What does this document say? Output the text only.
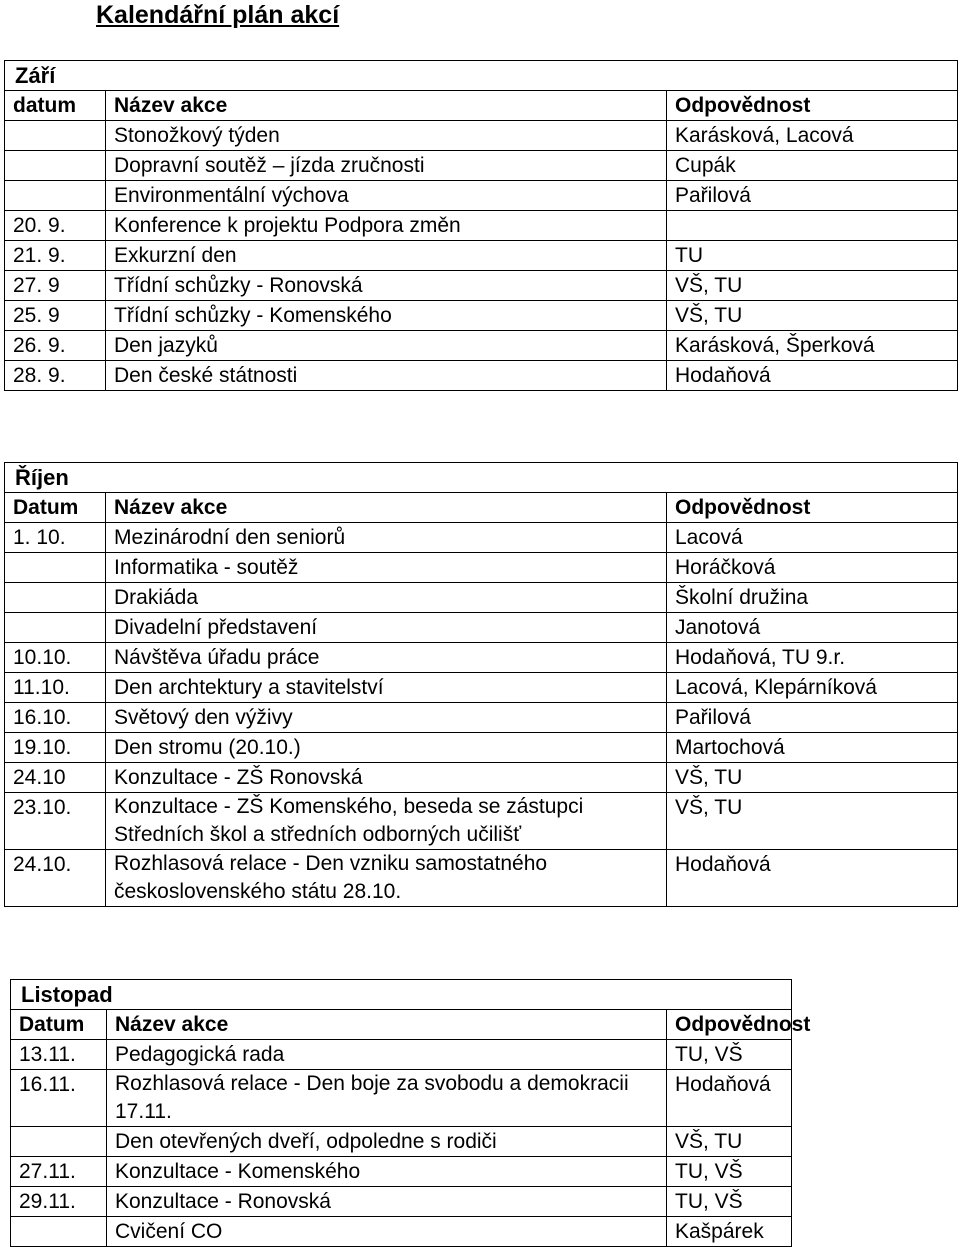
Kalendářní plán akcí
Září		
datum	Název akce	Odpovědnost
	Stonožkový týden	Karásková, Lacová
	Dopravní soutěž – jízda zručnosti	Cupák
	Environmentální výchova	Pařilová
20. 9.	Konference k projektu Podpora změn	
21. 9.	Exkurzní den	TU
27. 9	Třídní schůzky - Ronovská	VŠ, TU
25. 9	Třídní schůzky - Komenského	VŠ, TU
26. 9.	Den jazyků	Karásková, Šperková
28. 9.	Den české státnosti	Hodaňová
Říjen		
Datum	Název akce	Odpovědnost
1. 10.	Mezinárodní den seniorů	Lacová
	Informatika - soutěž	Horáčková
	Drakiáda	Školní družina
	Divadelní představení	Janotová
10.10.	Návštěva úřadu práce	Hodaňová, TU 9.r.
11.10.	Den archtektury a stavitelství	Lacová, Klepárníková
16.10.	Světový den výživy	Pařilová
19.10.	Den stromu (20.10.)	Martochová
24.10	Konzultace - ZŠ Ronovská	VŠ, TU
23.10.	Konzultace - ZŠ Komenského, beseda se zástupci Středních škol a středních odborných učilišť	VŠ, TU
24.10.	Rozhlasová relace - Den vzniku samostatného československého státu 28.10.	Hodaňová
Listopad		
Datum	Název akce	Odpovědnost
13.11.	Pedagogická rada	TU, VŠ
16.11.	Rozhlasová relace - Den boje za svobodu a demokracii 17.11.	Hodaňová
	Den otevřených dveří, odpoledne s rodiči	VŠ, TU
27.11.	Konzultace - Komenského	TU, VŠ
29.11.	Konzultace - Ronovská	TU, VŠ
	Cvičení CO	Kašpárek
